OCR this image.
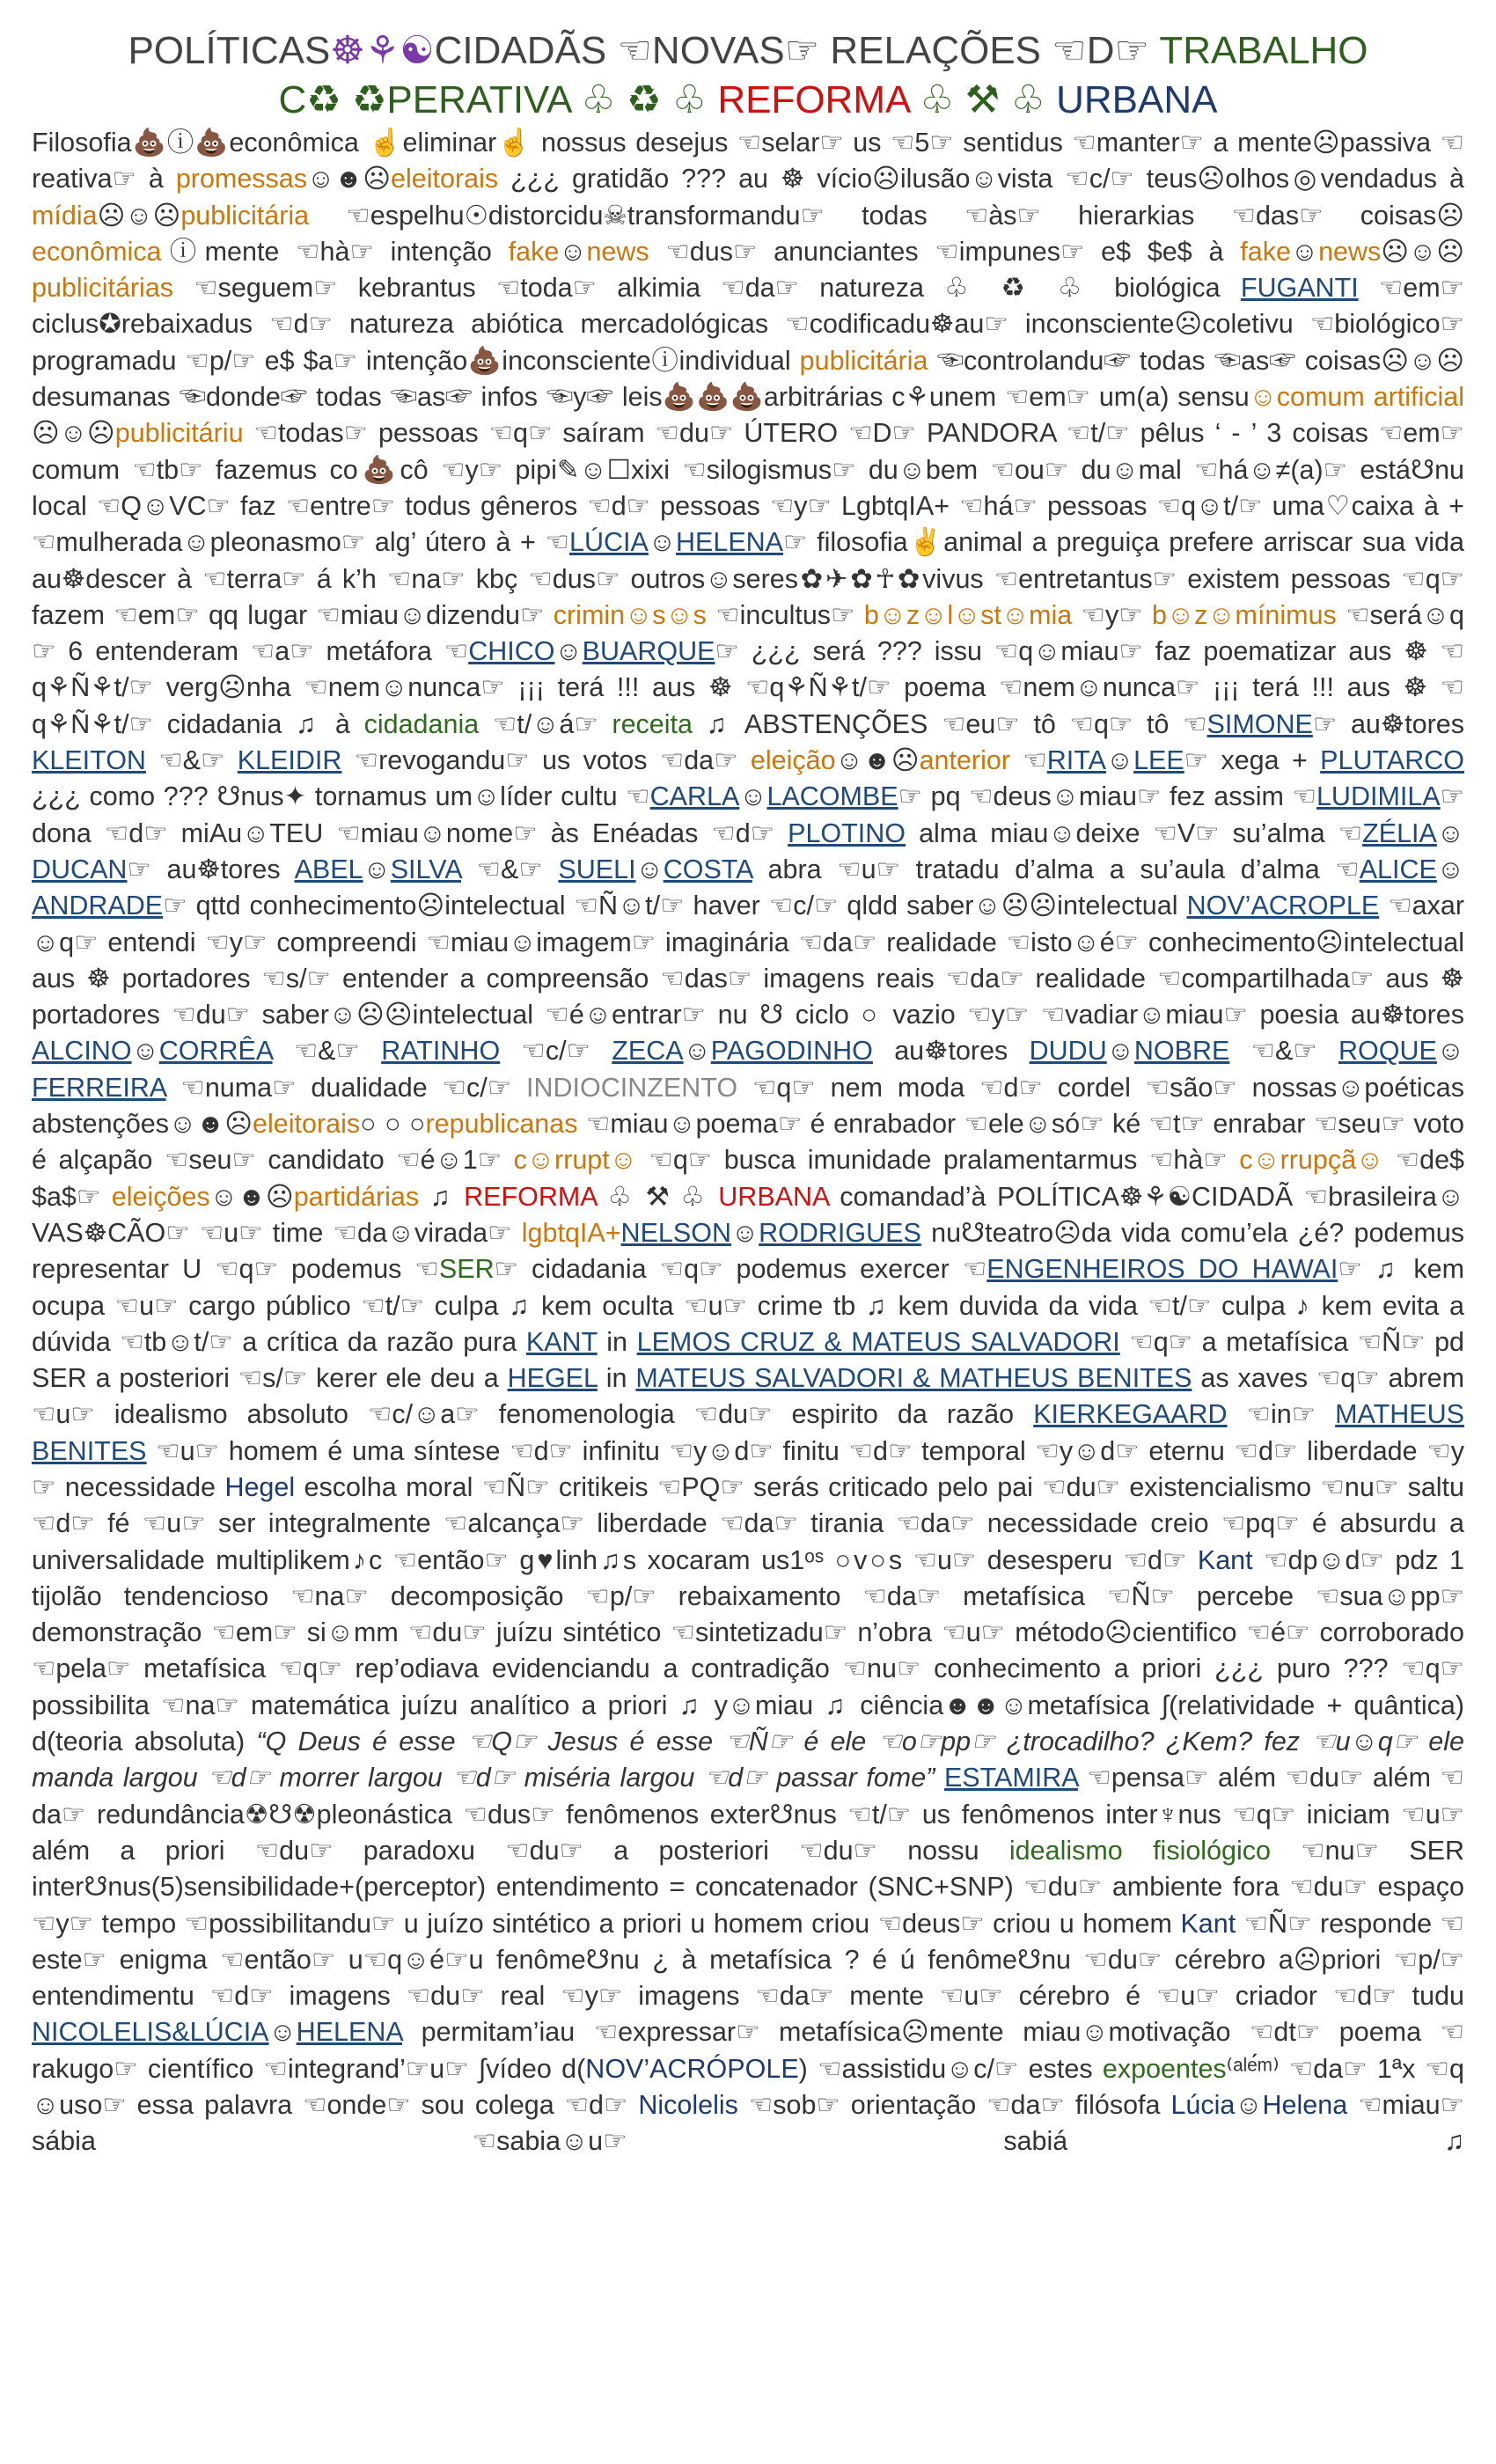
POLÍTICAS☸⚘☯CIDADÃS ☜NOVAS☞ RELAÇÕES ☜D☞ TRABALHO
C♻ ♻PERATIVA ♧ ♻ ♧ REFORMA ♧ ⚒ ♧ URBANA
Filosofia💩ⓘ💩econômica ☝eliminar☝ nossus desejus ☜selar☞ us ☜5☞ sentidus ☜manter☞ a mente☹passiva ☜reativa☞ à promessas☺☻☹eleitorais ¿¿¿ gratidão ??? au ☸ vício☹ilusão☺vista ☜c/☞ teus☹olhos◎vendadus à mídia☹☺☹publicitária ☜espelhu☉distorcidu☠transformandu☞ todas ☜às☞ hierarkias ☜das☞ coisas☹econômicaⓘmente ☜hà☞ intenção fake☺news ☜dus☞ anunciantes ☜impunes☞ e$ $e$ à fake☺news☹☺☹publicitárias ☜seguem☞ kebrantus ☜toda☞ alkimia ☜da☞ natureza ♧ ♻ ♧ biológica FUGANTI ☜em☞ ciclus✪rebaixadus ☜d☞ natureza abiótica mercadológicas ☜codificadu☸au☞ inconsciente☹coletivu ☜biológico☞ programadu ☜p/☞ e$ $a☞ intenção💩inconscienteⓘindividual publicitária ☜controlandu☞ todas ☜as☞ coisas☹☺☹desumanas ☜donde☞ todas ☜as☞ infos ☜y☞ leis💩💩💩arbitrárias c⚘unem ☜em☞ um(a) sensu☺comum artificial☹☺☹publicitáriu ☜todas☞ pessoas ☜q☞ saíram ☜du☞ ÚTERO ☜D☞ PANDORA ☜t/☞ pêlus ‘ - ’ 3 coisas ☜em☞ comum ☜tb☞ fazemus co💩cô ☜y☞ pipi✎☺☐xixi ☜silogismus☞ du☺bem ☜ou☞ du☺mal ☜há☺≠(a)☞ está☋nu local ☜Q☺VC☞ faz ☜entre☞ todus gêneros ☜d☞ pessoas ☜y☞ LgbtqIA+ ☜há☞ pessoas ☜q☺t/☞ uma♡caixa à + ☜mulherada☺pleonasmo☞ alg’ útero à + ☜LÚCIA☺HELENA☞ filosofia✌animal a preguiça prefere arriscar sua vida au☸descer à ☜terra☞ á k’h ☜na☞ kbç ☜dus☞ outros☺seres✿✈✿☥✿vivus ☜entretantus☞ existem pessoas ☜q☞ fazem ☜em☞ qq lugar ☜miau☺dizendu☞ crimin☺s☺s ☜incultus☞ b☺z☺l☺st☺mia ☜y☞ b☺z☺mínimus ☜será☺q☞ 6 entenderam ☜a☞ metáfora ☜CHICO☺BUARQUE☞ ¿¿¿ será ??? issu ☜q☺miau☞ faz poematizar aus ☸ ☜q⚘Ñ⚘t/☞ verg☹nha ☜nem☺nunca☞ ¡¡¡ terá !!! aus ☸ ☜q⚘Ñ⚘t/☞ poema ☜nem☺nunca☞ ¡¡¡ terá !!! aus ☸ ☜q⚘Ñ⚘t/☞ cidadania ♫ à cidadania ☜t/☺á☞ receita ♫ ABSTENÇÕES ☜eu☞ tô ☜q☞ tô ☜SIMONE☞ au☸tores KLEITON ☜&☞ KLEIDIR ☜revogandu☞ us votos ☜da☞ eleição☺☻☹anterior ☜RITA☺LEE☞ xega + PLUTARCO ¿¿¿ como ??? ☋nus✦ tornamus um☺líder cultu ☜CARLA☺LACOMBE☞ pq ☜deus☺miau☞ fez assim ☜LUDIMILA☞ dona ☜d☞ miAu☺TEU ☜miau☺nome☞ às Enéadas ☜d☞ PLOTINO alma miau☺deixe ☜V☞ su’alma ☜ZÉLIA☺DUCAN☞ au☸tores ABEL☺SILVA ☜&☞ SUELI☺COSTA abra ☜u☞ tratadu d’alma a su’aula d’alma ☜ALICE☺ANDRADE☞ qttd conhecimento☹intelectual ☜Ñ☺t/☞ haver ☜c/☞ qldd saber☺☹☹intelectual NOV’ACROPLE ☜axar☺q☞ entendi ☜y☞ compreendi ☜miau☺imagem☞ imaginária ☜da☞ realidade ☜isto☺é☞ conhecimento☹intelectual aus ☸ portadores ☜s/☞ entender a compreensão ☜das☞ imagens reais ☜da☞ realidade ☜compartilhada☞ aus ☸ portadores ☜du☞ saber☺☹☹intelectual ☜é☺entrar☞ nu ☋ ciclo ○ vazio ☜y☞ ☜vadiar☺miau☞ poesia au☸tores ALCINO☺CORRÊA ☜&☞ RATINHO ☜c/☞ ZECA☺PAGODINHO au☸tores DUDU☺NOBRE ☜&☞ ROQUE☺FERREIRA ☜numa☞ dualidade ☜c/☞ INDIOCINZENTO ☜q☞ nem moda ☜d☞ cordel ☜são☞ nossas☺poéticas abstenções☺☻☹eleitorais○ ○ ○republicanas ☜miau☺poema☞ é enrabador ☜ele☺só☞ ké ☜t☞ enrabar ☜seu☞ voto é alçapão ☜seu☞ candidato ☜é☺1☞ c☺rrupt☺ ☜q☞ busca imunidade pralamentarmus ☜hà☞ c☺rrupçã☺ ☜de$ $a$☞ eleições☺☻☹partidárias ♫ REFORMA ♧ ⚒ ♧ URBANA comandad’à POLÍTICA☸⚘☯CIDADÃ ☜brasileira☺VAS☸CÃO☞ ☜u☞ time ☜da☺virada☞ lgbtqIA+NELSON☺RODRIGUES nu☋teatro☹da vida comu’ela ¿é? podemus representar U ☜q☞ podemus ☜SER☞ cidadania ☜q☞ podemus exercer ☜ENGENHEIROS DO HAWAI☞ ♫ kem ocupa ☜u☞ cargo público ☜t/☞ culpa ♫ kem oculta ☜u☞ crime tb ♫ kem duvida da vida ☜t/☞ culpa ♪ kem evita a dúvida ☜tb☺t/☞ a crítica da razão pura KANT in LEMOS CRUZ & MATEUS SALVADORI ☜q☞ a metafísica ☜Ñ☞ pd SER a posteriori ☜s/☞ kerer ele deu a HEGEL in MATEUS SALVADORI & MATHEUS BENITES as xaves ☜q☞ abrem ☜u☞ idealismo absoluto ☜c/☺a☞ fenomenologia ☜du☞ espirito da razão KIERKEGAARD ☜in☞ MATHEUS BENITES ☜u☞ homem é uma síntese ☜d☞ infinitu ☜y☺d☞ finitu ☜d☞ temporal ☜y☺d☞ eternu ☜d☞ liberdade ☜y☞ necessidade Hegel escolha moral ☜Ñ☞ critikeis ☜PQ☞ serás criticado pelo pai ☜du☞ existencialismo ☜nu☞ saltu ☜d☞ fé ☜u☞ ser integralmente ☜alcança☞ liberdade ☜da☞ tirania ☜da☞ necessidade creio ☜pq☞ é absurdu a universalidade multiplikem♪c ☜então☞ g♥linh♫s xocaram us1ᵒˢ ○v○s ☜u☞ desesperu ☜d☞ Kant ☜dp☺d☞ pdz 1 tijolão tendencioso ☜na☞ decomposição ☜p/☞ rebaixamento ☜da☞ metafísica ☜Ñ☞ percebe ☜sua☺pp☞ demonstração ☜em☞ si☺mm ☜du☞ juízu sintético ☜sintetizadu☞ n’obra ☜u☞ método☹cientifico ☜é☞ corroborado ☜pela☞ metafísica ☜q☞ rep’odiava evidenciandu a contradição ☜nu☞ conhecimento a priori ¿¿¿ puro ??? ☜q☞ possibilita ☜na☞ matemática juízu analítico a priori ♫ y☺miau ♫ ciência☻☻☺metafísica ∫(relatividade + quântica) d(teoria absoluta) “Q Deus é esse ☜Q☞ Jesus é esse ☜Ñ☞ é ele ☜o☞pp☞ ¿trocadilho? ¿Kem? fez ☜u☺q☞ ele manda largou ☜d☞ morrer largou ☜d☞ miséria largou ☜d☞ passar fome” ESTAMIRA ☜pensa☞ além ☜du☞ além ☜da☞ redundância☢☋☢pleonástica ☜dus☞ fenômenos exter☋nus ☜t/☞ us fenômenos inter♆nus ☜q☞ iniciam ☜u☞ além a priori ☜du☞ paradoxu ☜du☞ a posteriori ☜du☞ nossu idealismo fisiológico ☜nu☞ SER inter☋nus(5)sensibilidade+(perceptor) entendimento = concatenador (SNC+SNP) ☜du☞ ambiente fora ☜du☞ espaço ☜y☞ tempo ☜possibilitandu☞ u juízo sintético a priori u homem criou ☜deus☞ criou u homem Kant ☜Ñ☞ responde ☜este☞ enigma ☜então☞ u☜q☺é☞u fenôme☋nu ¿ à metafísica ? é ú fenôme☋nu ☜du☞ cérebro a☹priori ☜p/☞ entendimentu ☜d☞ imagens ☜du☞ real ☜y☞ imagens ☜da☞ mente ☜u☞ cérebro é ☜u☞ criador ☜d☞ tudu NICOLELIS&LÚCIA☺HELENA permitam’iau ☜expressar☞ metafísica☹mente miau☺motivação ☜dt☞ poema ☜rakugo☞ científico ☜integrand’☞u☞ ∫vídeo d(NOV’ACRÓPOLE) ☜assistidu☺c/☞ estes expoentes⁽ᵃˡᵉ́ᵐ⁾ ☜da☞ 1ªx ☜q☺uso☞ essa palavra ☜onde☞ sou colega ☜d☞ Nicolelis ☜sob☞ orientação ☜da☞ filósofa Lúcia☺Helena ☜miau☞ sábia ☜sabia☺u☞ sabiá ♫
